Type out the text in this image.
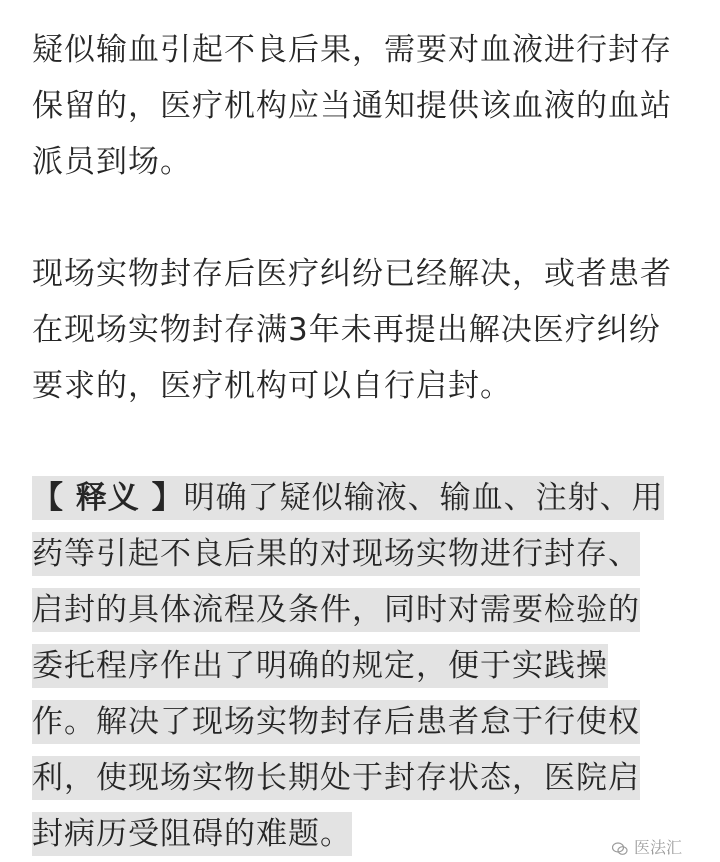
疑似输血引起不良后果，需要对血液进行封存保留的，医疗机构应当通知提供该血液的血站派员到场。

现场实物封存后医疗纠纷已经解决，或者患者在现场实物封存满3年未再提出解决医疗纠纷要求的，医疗机构可以自行启封。

【 释义 】明确了疑似输液、输血、注射、用
药等引起不良后果的对现场实物进行封存、
启封的具体流程及条件，同时对需要检验的
委托程序作出了明确的规定，便于实践操
作。解决了现场实物封存后患者怠于行使权
利，使现场实物长期处于封存状态，医院启
封病历受阻碍的难题。	医法汇
